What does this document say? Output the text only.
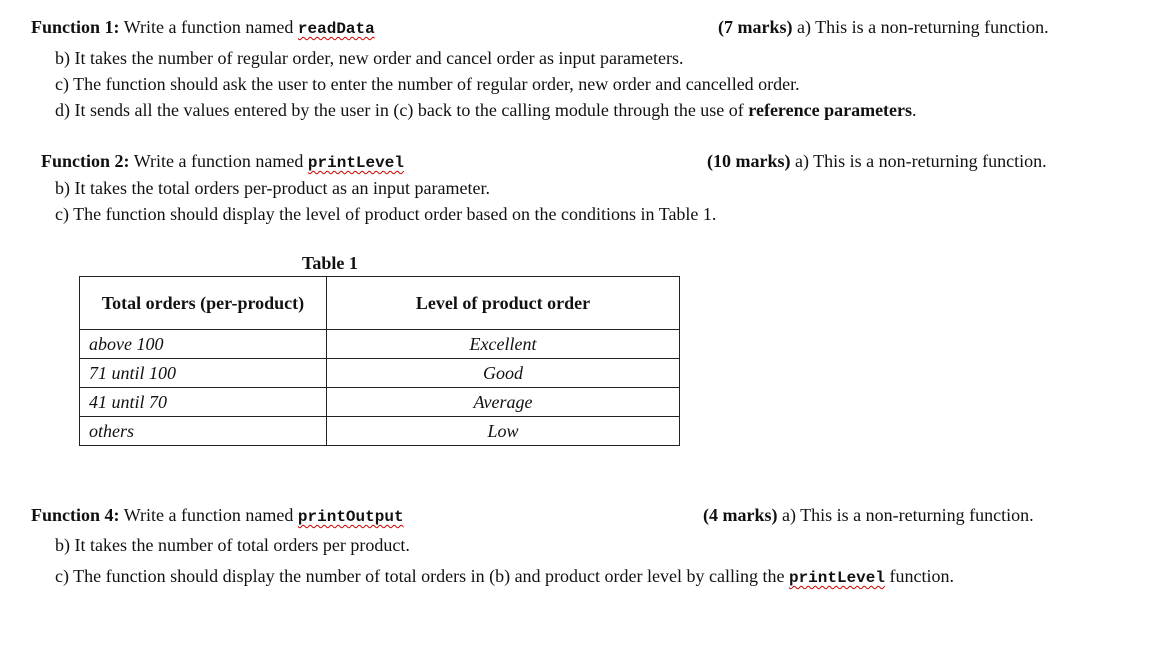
Function 1: Write a function named readData	(7 marks) a) This is a non-returning function.
b) It takes the number of regular order, new order and cancel order as input parameters.
c) The function should ask the user to enter the number of regular order, new order and cancelled order.
d) It sends all the values entered by the user in (c) back to the calling module through the use of reference parameters.
Function 2: Write a function named printLevel	(10 marks) a) This is a non-returning function.
b) It takes the total orders per-product as an input parameter.
c) The function should display the level of product order based on the conditions in Table 1.
Table 1
Total orders (per-product)	Level of product order
above 100	Excellent
71 until 100	Good
41 until 70	Average
others	Low
Function 4: Write a function named printOutput	(4 marks) a) This is a non-returning function.
b) It takes the number of total orders per product.
c) The function should display the number of total orders in (b) and product order level by calling the printLevel function.
